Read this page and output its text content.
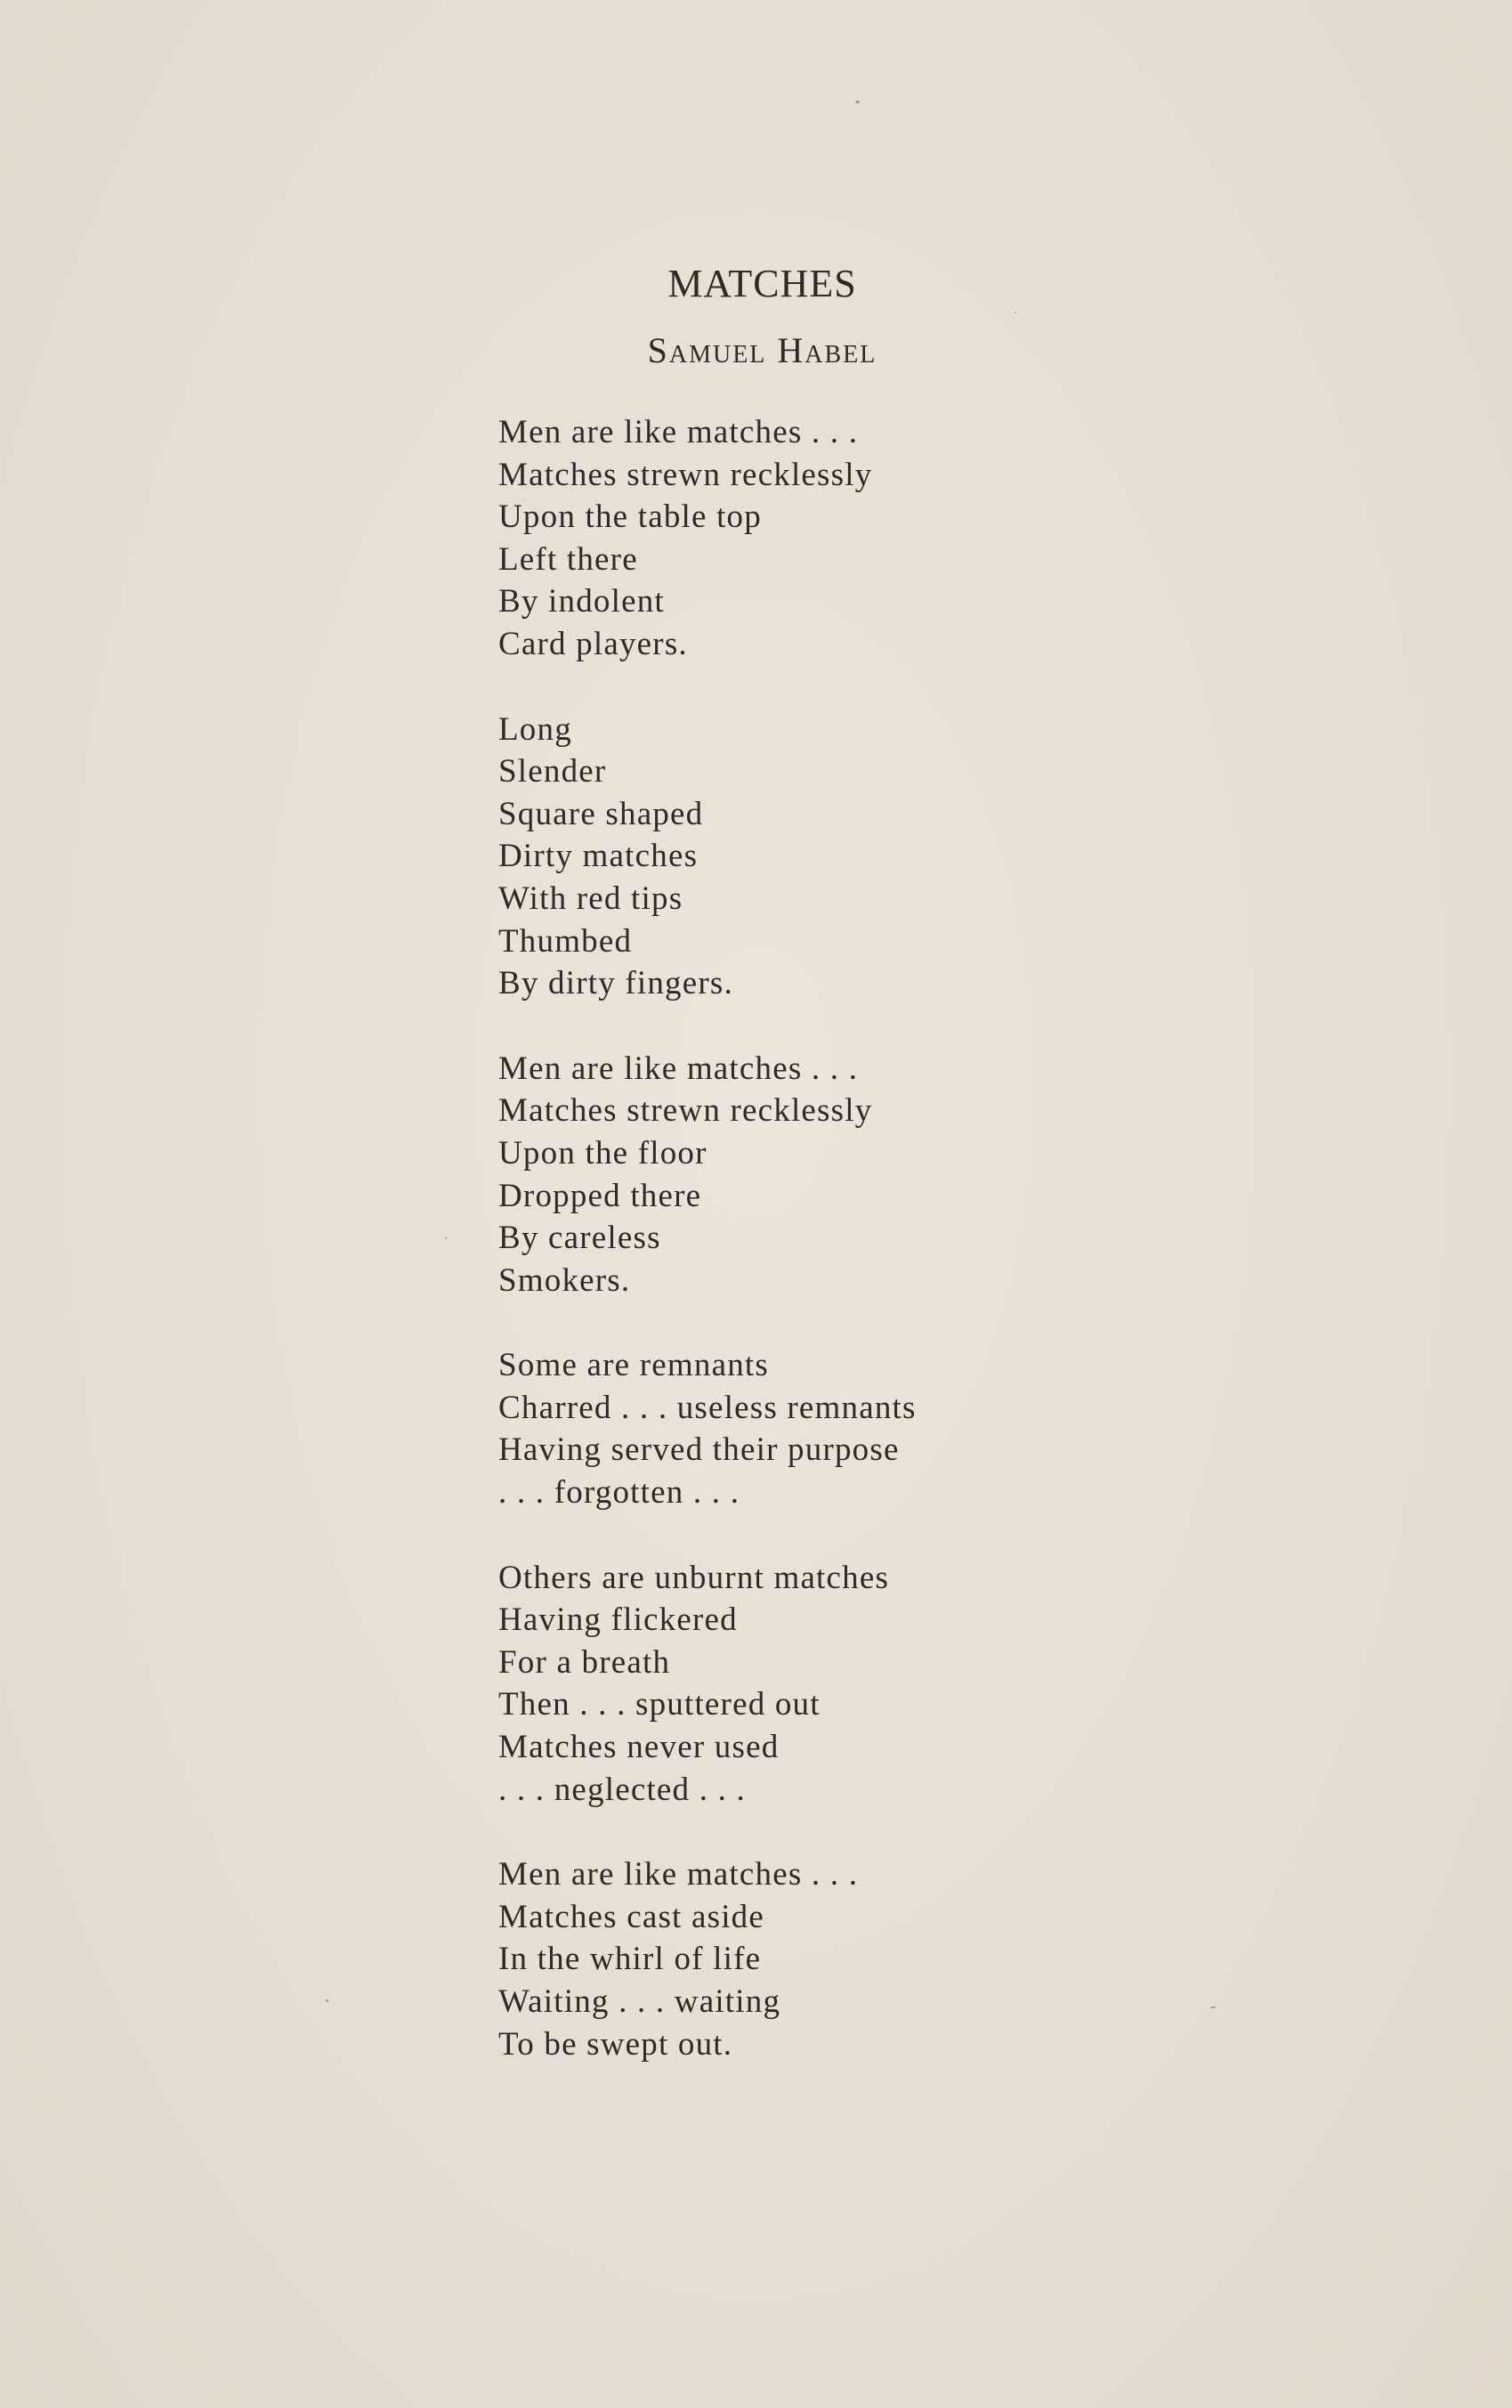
MATCHES
Samuel Habel
Men are like matches . . .
Matches strewn recklessly
Upon the table top
Left there
By indolent
Card players.
Long
Slender
Square shaped
Dirty matches
With red tips
Thumbed
By dirty fingers.
Men are like matches . . .
Matches strewn recklessly
Upon the floor
Dropped there
By careless
Smokers.
Some are remnants
Charred . . . useless remnants
Having served their purpose
. . . forgotten . . .
Others are unburnt matches
Having flickered
For a breath
Then . . . sputtered out
Matches never used
. . . neglected . . .
Men are like matches . . .
Matches cast aside
In the whirl of life
Waiting . . . waiting
To be swept out.
